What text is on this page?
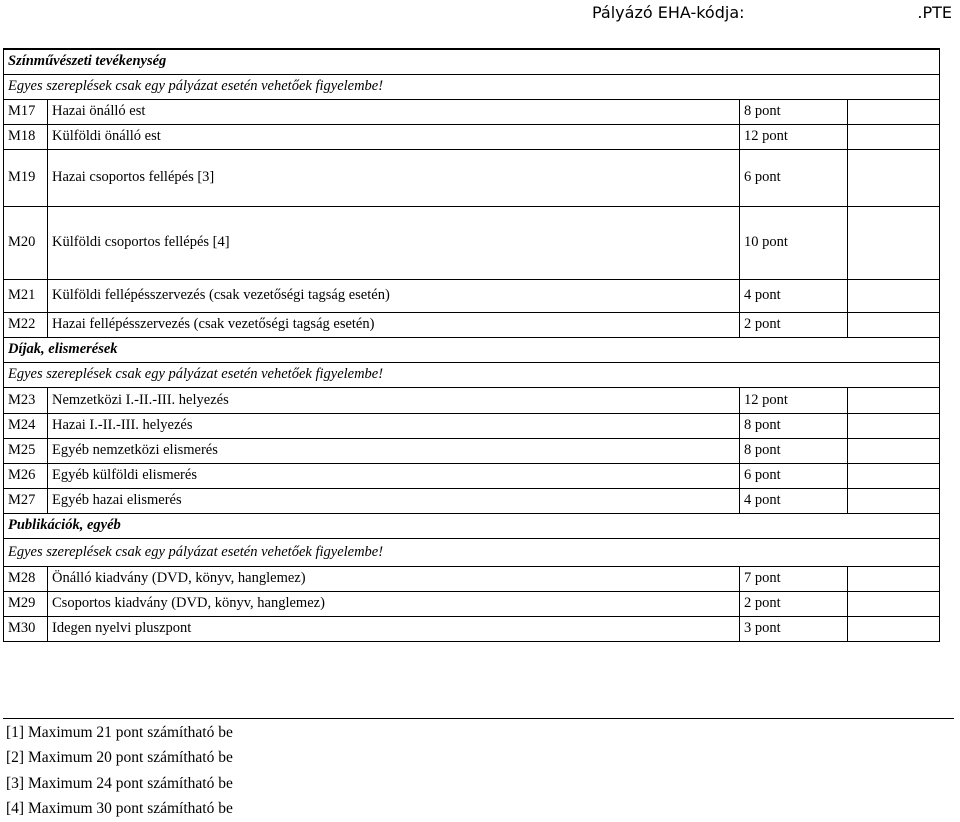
Pályázó EHA-kódja:	.PTE
Színművészeti tevékenység			
Egyes szereplések csak egy pályázat esetén vehetőek figyelembe!			
M17	Hazai önálló est	8 pont	
M18	Külföldi önálló est	12 pont	
M19	Hazai csoportos fellépés [3]	6 pont	
M20	Külföldi csoportos fellépés [4]	10 pont	
M21	Külföldi fellépésszervezés (csak vezetőségi tagság esetén)	4 pont	
M22	Hazai fellépésszervezés (csak vezetőségi tagság esetén)	2 pont	
Díjak, elismerések			
Egyes szereplések csak egy pályázat esetén vehetőek figyelembe!			
M23	Nemzetközi I.-II.-III. helyezés	12 pont	
M24	Hazai I.-II.-III. helyezés	8 pont	
M25	Egyéb nemzetközi elismerés	8 pont	
M26	Egyéb külföldi elismerés	6 pont	
M27	Egyéb hazai elismerés	4 pont	
Publikációk, egyéb			
Egyes szereplések csak egy pályázat esetén vehetőek figyelembe!			
M28	Önálló kiadvány (DVD, könyv, hanglemez)	7 pont	
M29	Csoportos kiadvány (DVD, könyv, hanglemez)	2 pont	
M30	Idegen nyelvi pluszpont	3 pont	
[1] Maximum 21 pont számítható be
[2] Maximum 20 pont számítható be
[3] Maximum 24 pont számítható be
[4] Maximum 30 pont számítható be
